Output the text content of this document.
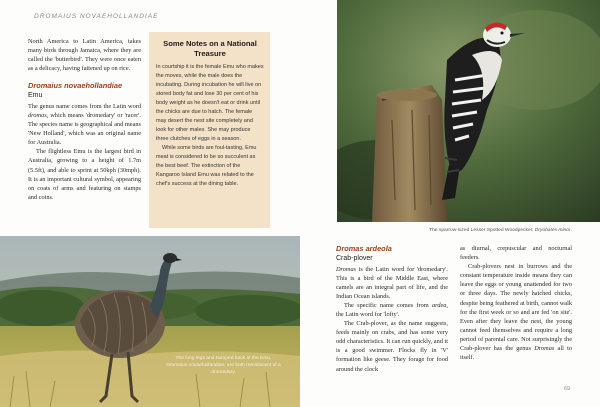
DROMAIUS NOVAEHOLLANDIAE

North America to Latin America, takes many birds through Jamaica, where they are called the 'butterbird'. They were once eaten as a delicacy, having fattened up on rice.

Dromaius novaehollandiae
Emu

The genus name comes from the Latin word dromas, which means 'dromedary' or 'racer'. The species name is geographical and means 'New Holland', which was an original name for Australia.

The flightless Emu is the largest bird in Australia, growing to a height of 1.7m (5.5ft), and able to sprint at 50kph (30mph). It is an important cultural symbol, appearing on coats of arms and featuring on stamps and coins.

Some Notes on a National Treasure

In courtship it is the female Emu who makes the moves, while the male does the incubating. During incubation he will live on stored body fat and lose 30 per cent of his body weight as he doesn't eat or drink until the chicks are due to hatch. The female may desert the nest site completely and look for other males. She may produce three clutches of eggs in a season.

While some birds are foul-tasting, Emu meat is considered to be so succulent as the best beef. The extinction of the Kangaroo Island Emu was related to the chef's success at the dining table.

The sparrow-sized Lesser Spotted Woodpecker, Dryobates minor.
The long legs and humped back of the Emu, Dromaius novaehollandiae, are both reminiscent of a dromedary.
Dromas ardeola
Crab-plover

Dromas is the Latin word for 'dromedary'. This is a bird of the Middle East, where camels are an integral part of life, and the Indian Ocean islands.

The specific name comes from ardea, the Latin word for 'lofty'.

The Crab-plover, as the name suggests, feeds mainly on crabs, and has some very odd characteristics. It can run quickly, and it is a good swimmer. Flocks fly in 'V' formation like geese. They forage for food around the clock

as diurnal, crepuscular and nocturnal feeders.

Crab-plovers nest in burrows and the constant temperature inside means they can leave the eggs or young unattended for two or three days. The newly hatched chicks, despite being feathered at birth, cannot walk for the first week or so and are fed 'on site'. Even after they leave the nest, the young cannot feed themselves and require a long period of parental care. Not surprisingly the Crab-plover has the genus Dromas all to itself.

69
